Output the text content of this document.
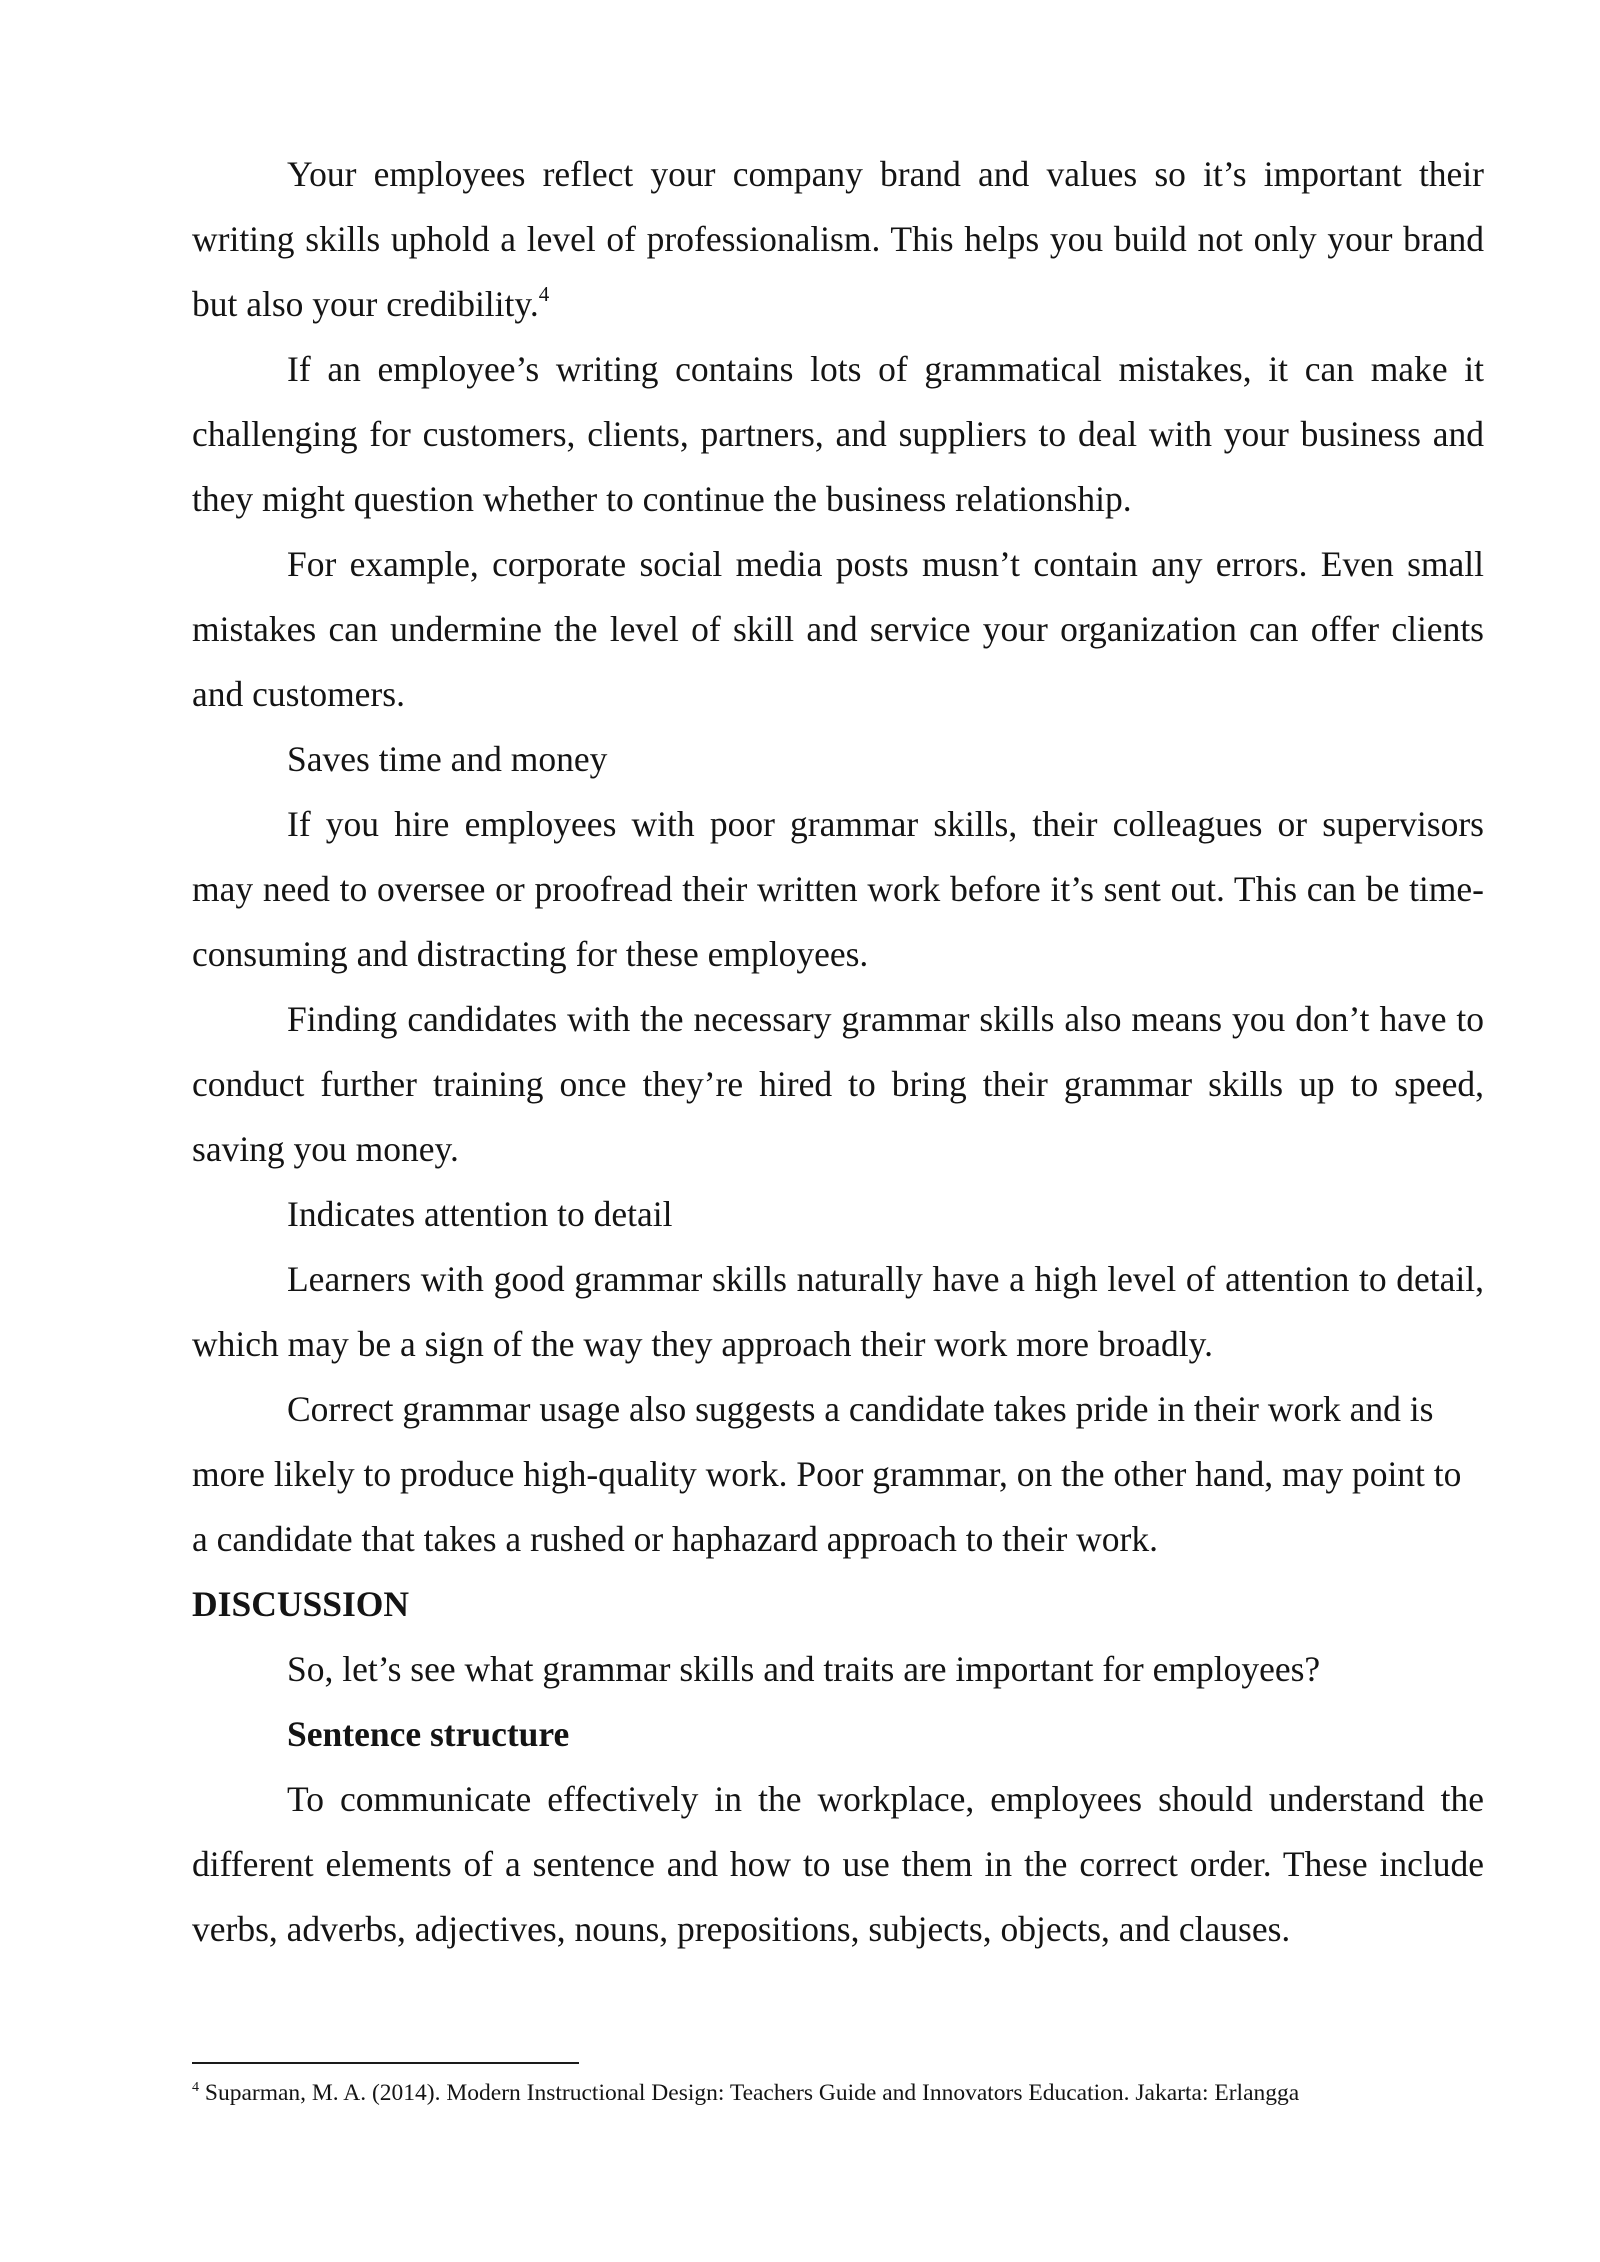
Your employees reflect your company brand and values so it’s important their writing skills uphold a level of professionalism. This helps you build not only your brand but also your credibility.$^4$

If an employee’s writing contains lots of grammatical mistakes, it can make it challenging for customers, clients, partners, and suppliers to deal with your business and they might question whether to continue the business relationship.

For example, corporate social media posts musn’t contain any errors. Even small mistakes can undermine the level of skill and service your organization can offer clients and customers.

Saves time and money

If you hire employees with poor grammar skills, their colleagues or supervisors may need to oversee or proofread their written work before it’s sent out. This can be time-consuming and distracting for these employees.

Finding candidates with the necessary grammar skills also means you don’t have to conduct further training once they’re hired to bring their grammar skills up to speed, saving you money.

Indicates attention to detail

Learners with good grammar skills naturally have a high level of attention to detail, which may be a sign of the way they approach their work more broadly.

Correct grammar usage also suggests a candidate takes pride in their work and is more likely to produce high-quality work. Poor grammar, on the other hand, may point to a candidate that takes a rushed or haphazard approach to their work.

DISCUSSION

So, let’s see what grammar skills and traits are important for employees?

Sentence structure

To communicate effectively in the workplace, employees should understand the different elements of a sentence and how to use them in the correct order. These include verbs, adverbs, adjectives, nouns, prepositions, subjects, objects, and clauses.

$^4$ Suparman, M. A. (2014). Modern Instructional Design: Teachers Guide and Innovators Education. Jakarta: Erlangga
